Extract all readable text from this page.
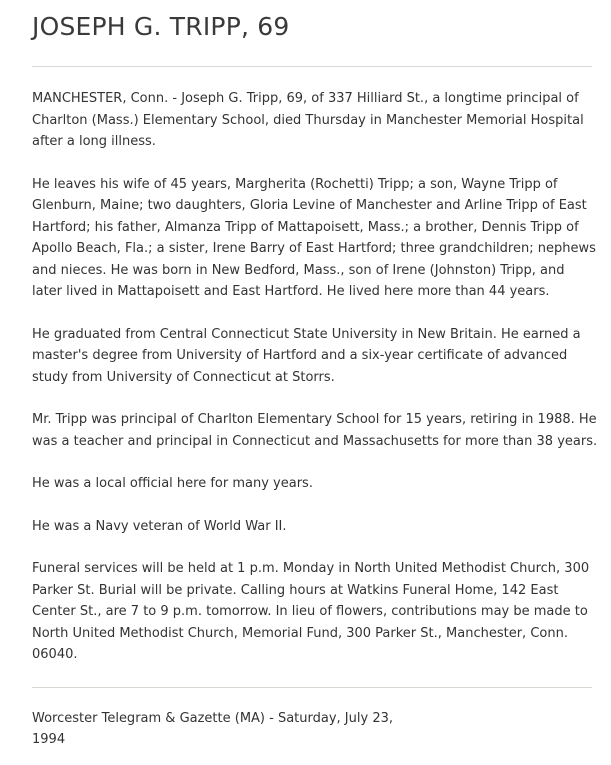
JOSEPH G. TRIPP, 69

MANCHESTER, Conn. - Joseph G. Tripp, 69, of 337 Hilliard St., a longtime principal of
Charlton (Mass.) Elementary School, died Thursday in Manchester Memorial Hospital
after a long illness.

He leaves his wife of 45 years, Margherita (Rochetti) Tripp; a son, Wayne Tripp of
Glenburn, Maine; two daughters, Gloria Levine of Manchester and Arline Tripp of East
Hartford; his father, Almanza Tripp of Mattapoisett, Mass.; a brother, Dennis Tripp of
Apollo Beach, Fla.; a sister, Irene Barry of East Hartford; three grandchildren; nephews
and nieces. He was born in New Bedford, Mass., son of Irene (Johnston) Tripp, and
later lived in Mattapoisett and East Hartford. He lived here more than 44 years.

He graduated from Central Connecticut State University in New Britain. He earned a
master's degree from University of Hartford and a six-year certificate of advanced
study from University of Connecticut at Storrs.

Mr. Tripp was principal of Charlton Elementary School for 15 years, retiring in 1988. He
was a teacher and principal in Connecticut and Massachusetts for more than 38 years.

He was a local official here for many years.

He was a Navy veteran of World War II.

Funeral services will be held at 1 p.m. Monday in North United Methodist Church, 300
Parker St. Burial will be private. Calling hours at Watkins Funeral Home, 142 East
Center St., are 7 to 9 p.m. tomorrow. In lieu of flowers, contributions may be made to
North United Methodist Church, Memorial Fund, 300 Parker St., Manchester, Conn.
06040.

Worcester Telegram & Gazette (MA) - Saturday, July 23,
1994
